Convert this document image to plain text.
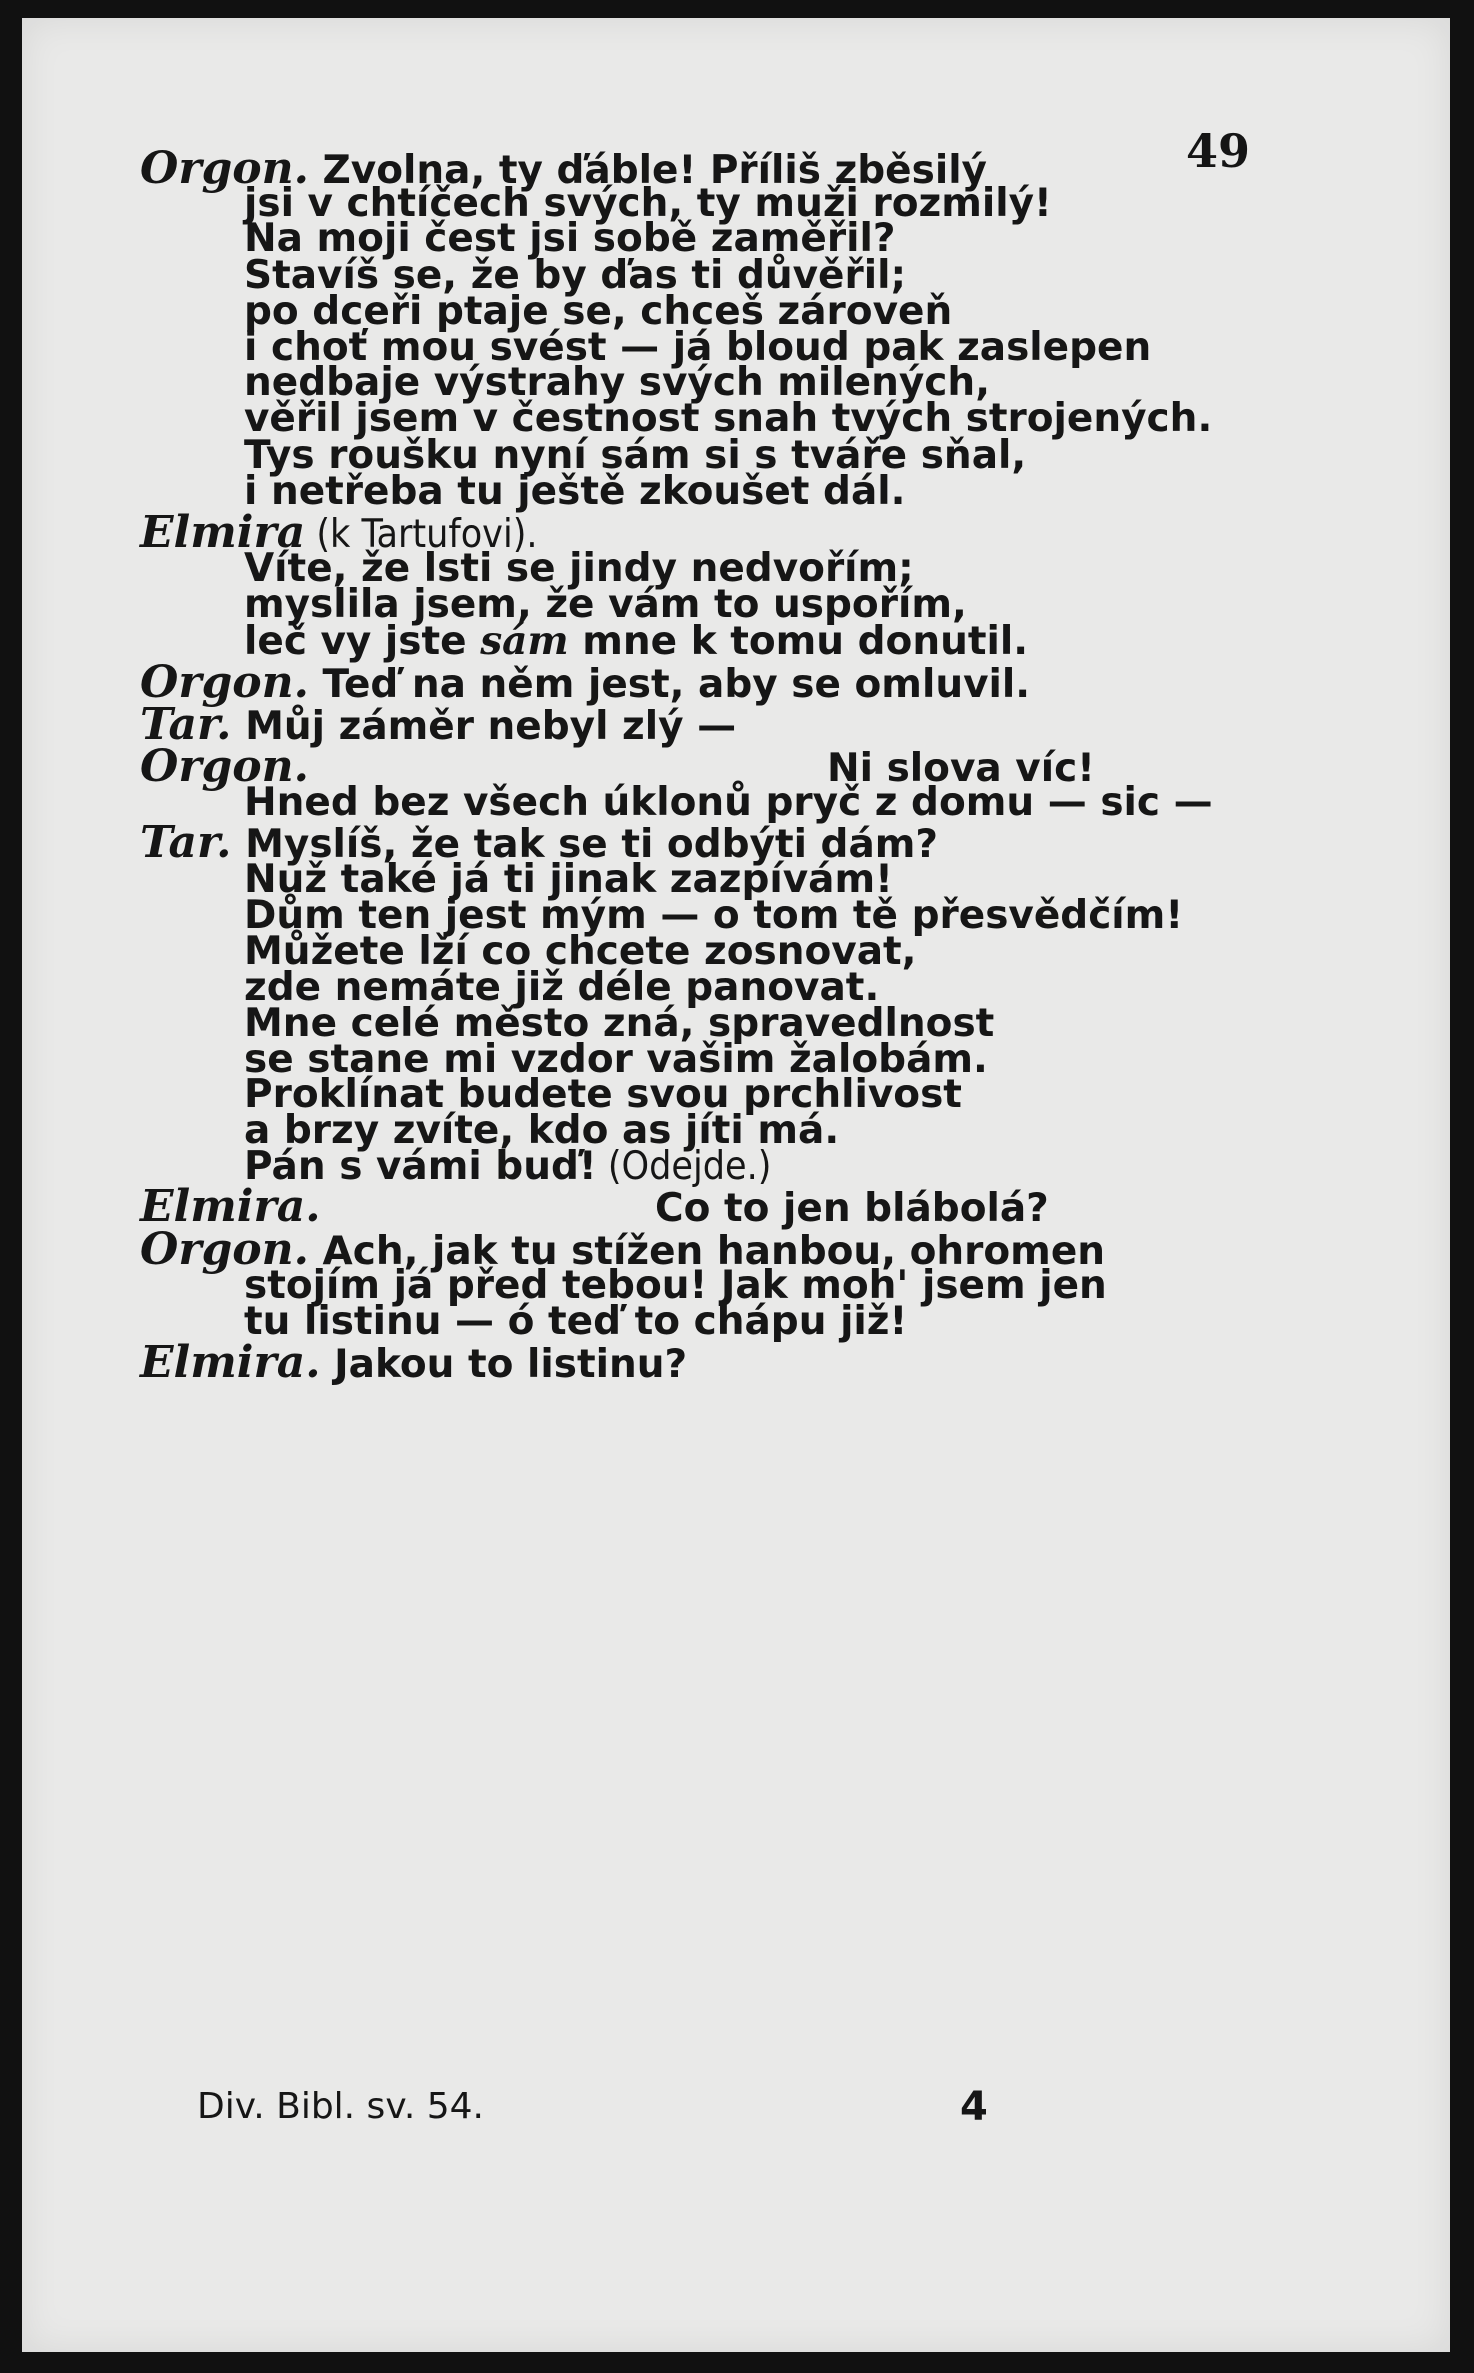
49
Orgon. Zvolna, ty ďáble! Příliš zběsilý
jsi v chtíčech svých, ty muži rozmilý!
Na moji čest jsi sobě zaměřil?
Stavíš se, že by ďas ti důvěřil;
po dceři ptaje se, chceš zároveň
i choť mou svést — já bloud pak zaslepen
nedbaje výstrahy svých milených,
věřil jsem v čestnost snah tvých strojených.
Tys roušku nyní sám si s tváře sňal,
i netřeba tu ještě zkoušet dál.
Elmira (k Tartufovi).
Víte, že lsti se jindy nedvořím;
myslila jsem, že vám to uspořím,
leč vy jste sám mne k tomu donutil.
Orgon. Teď na něm jest, aby se omluvil.
Tar. Můj záměr nebyl zlý —
Orgon.	Ni slova víc!
Hned bez všech úklonů pryč z domu — sic —
Tar. Myslíš, že tak se ti odbýti dám?
Nuž také já ti jinak zazpívám!
Dům ten jest mým — o tom tě přesvědčím!
Můžete lží co chcete zosnovat,
zde nemáte již déle panovat.
Mne celé město zná, spravedlnost
se stane mi vzdor vašim žalobám.
Proklínat budete svou prchlivost
a brzy zvíte, kdo as jíti má.
Pán s vámi buď! (Odejde.)
Elmira.	Co to jen blábolá?
Orgon. Ach, jak tu stížen hanbou, ohromen
stojím já před tebou! Jak moh' jsem jen
tu listinu — ó teď to chápu již!
Elmira. Jakou to listinu?
Div. Bibl. sv. 54.	4
